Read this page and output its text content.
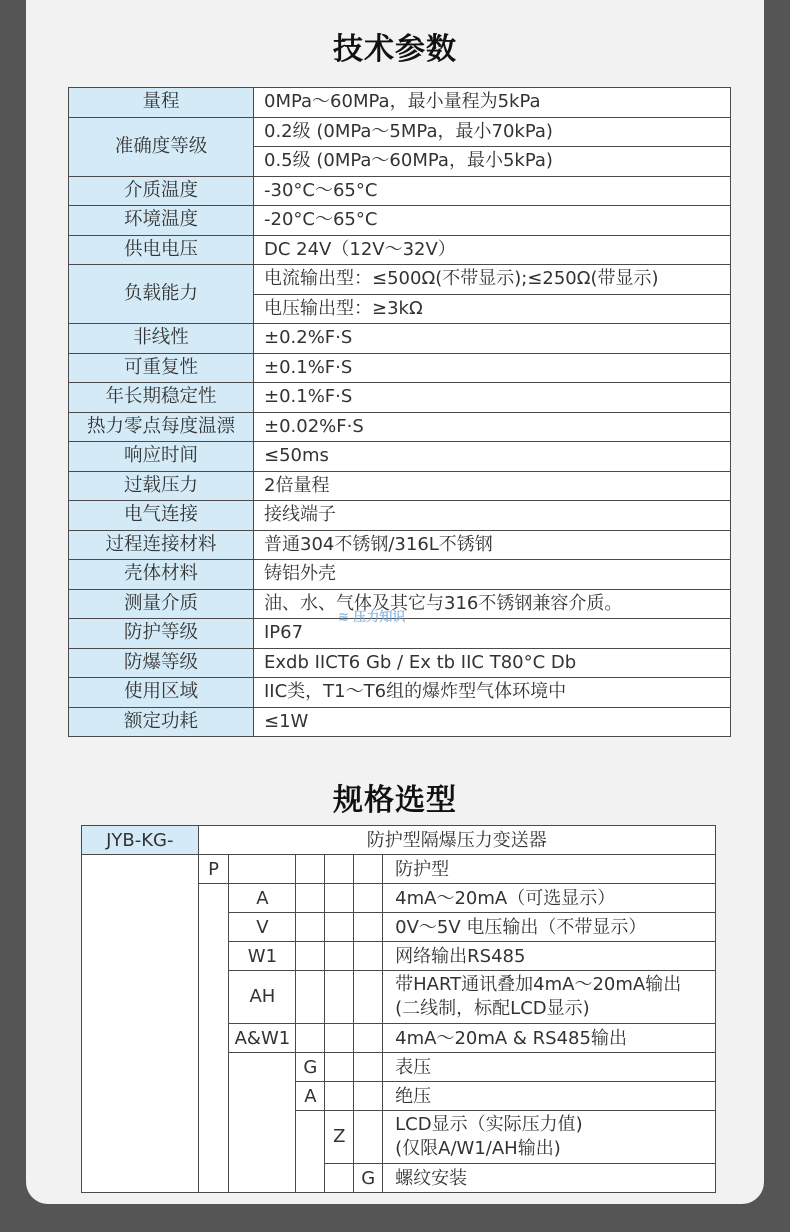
技术参数
量程	0MPa～60MPa，最小量程为5kPa
准确度等级	0.2级 (0MPa～5MPa，最小70kPa)
	0.5级 (0MPa～60MPa，最小5kPa)
介质温度	-30°C～65°C
环境温度	-20°C～65°C
供电电压	DC 24V（12V～32V）
负载能力	电流输出型：≤500Ω(不带显示);≤250Ω(带显示)
	电压输出型：≥3kΩ
非线性	±0.2%F·S
可重复性	±0.1%F·S
年长期稳定性	±0.1%F·S
热力零点每度温漂	±0.02%F·S
响应时间	≤50ms
过载压力	2倍量程
电气连接	接线端子
过程连接材料	普通304不锈钢/316L不锈钢
壳体材料	铸铝外壳
测量介质	油、水、气体及其它与316不锈钢兼容介质。
防护等级	IP67
防爆等级	Exdb IICT6 Gb / Ex tb IIC T80°C Db
使用区域	IIC类，T1～T6组的爆炸型气体环境中
额定功耗	≤1W
≋ 压力知识
规格选型
JYB-KG-	防护型隔爆压力变送器					
	P					防护型
		A				4mA～20mA（可选显示）
		V				0V～5V 电压输出（不带显示）
		W1				网络输出RS485
		AH				带HART通讯叠加4mA～20mA输出
(二线制，标配LCD显示)

		A&W1				4mA～20mA & RS485输出
			G			表压
			A			绝压
				Z		LCD显示（实际压力值)
(仅限A/W1/AH输出)

					G	螺纹安装
